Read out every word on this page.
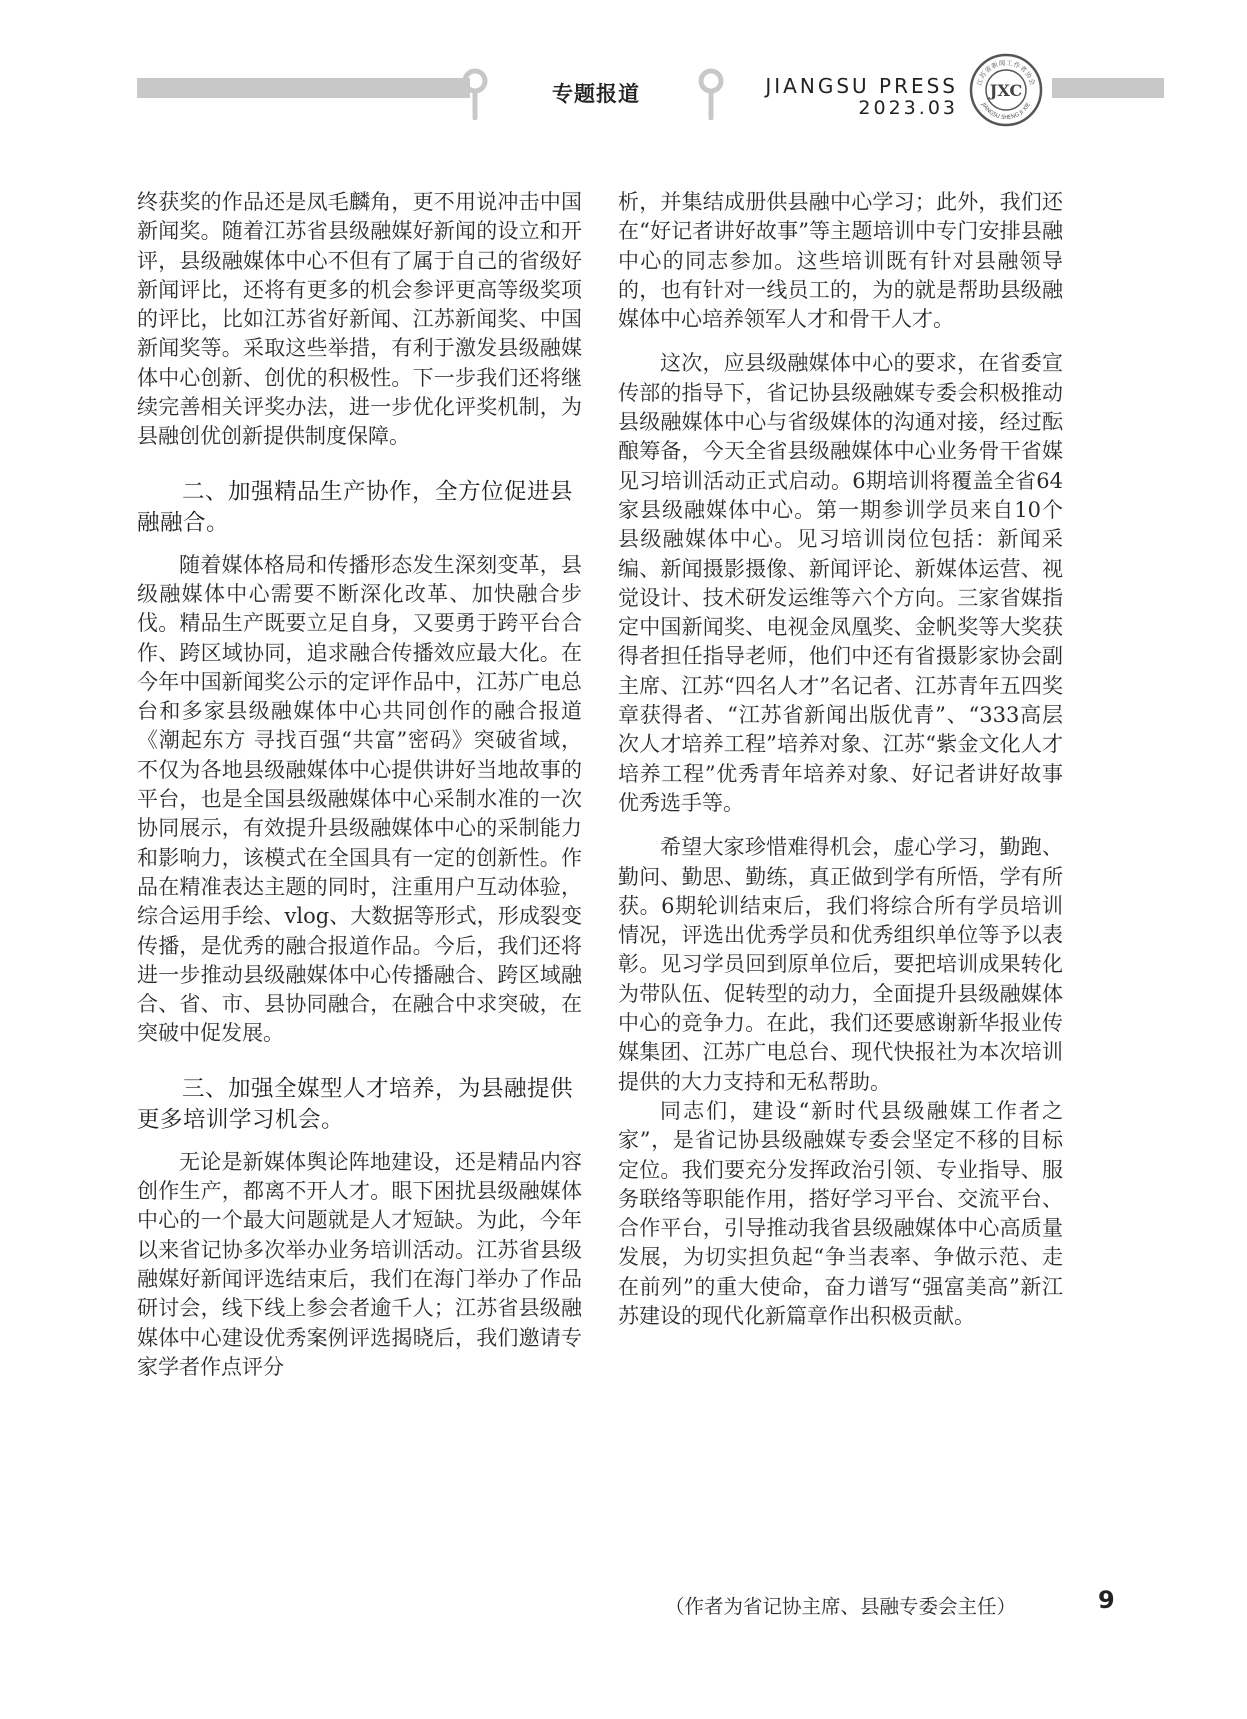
专题报道	JIANGSU PRESS
2023.03
江苏省新闻工作者协会
JIANGSU SHENG JI XIE
JXC

终获奖的作品还是凤毛麟角，更不用说冲击中国新闻奖。随着江苏省县级融媒好新闻的设立和开评，县级融媒体中心不但有了属于自己的省级好新闻评比，还将有更多的机会参评更高等级奖项的评比，比如江苏省好新闻、江苏新闻奖、中国新闻奖等。采取这些举措，有利于激发县级融媒体中心创新、创优的积极性。下一步我们还将继续完善相关评奖办法，进一步优化评奖机制，为县融创优创新提供制度保障。

二、加强精品生产协作，全方位促进县融融合。

随着媒体格局和传播形态发生深刻变革，县级融媒体中心需要不断深化改革、加快融合步伐。精品生产既要立足自身，又要勇于跨平台合作、跨区域协同，追求融合传播效应最大化。在今年中国新闻奖公示的定评作品中，江苏广电总台和多家县级融媒体中心共同创作的融合报道《潮起东方 寻找百强“共富”密码》突破省域，不仅为各地县级融媒体中心提供讲好当地故事的平台，也是全国县级融媒体中心采制水准的一次协同展示，有效提升县级融媒体中心的采制能力和影响力，该模式在全国具有一定的创新性。作品在精准表达主题的同时，注重用户互动体验，综合运用手绘、vlog、大数据等形式，形成裂变传播，是优秀的融合报道作品。今后，我们还将进一步推动县级融媒体中心传播融合、跨区域融合、省、市、县协同融合，在融合中求突破，在突破中促发展。

三、加强全媒型人才培养，为县融提供更多培训学习机会。

无论是新媒体舆论阵地建设，还是精品内容创作生产，都离不开人才。眼下困扰县级融媒体中心的一个最大问题就是人才短缺。为此，今年以来省记协多次举办业务培训活动。江苏省县级融媒好新闻评选结束后，我们在海门举办了作品研讨会，线下线上参会者逾千人；江苏省县级融媒体中心建设优秀案例评选揭晓后，我们邀请专家学者作点评分

析，并集结成册供县融中心学习；此外，我们还在“好记者讲好故事”等主题培训中专门安排县融中心的同志参加。这些培训既有针对县融领导的，也有针对一线员工的，为的就是帮助县级融媒体中心培养领军人才和骨干人才。

这次，应县级融媒体中心的要求，在省委宣传部的指导下，省记协县级融媒专委会积极推动县级融媒体中心与省级媒体的沟通对接，经过酝酿筹备，今天全省县级融媒体中心业务骨干省媒见习培训活动正式启动。6期培训将覆盖全省64家县级融媒体中心。第一期参训学员来自10个县级融媒体中心。见习培训岗位包括：新闻采编、新闻摄影摄像、新闻评论、新媒体运营、视觉设计、技术研发运维等六个方向。三家省媒指定中国新闻奖、电视金凤凰奖、金帆奖等大奖获得者担任指导老师，他们中还有省摄影家协会副主席、江苏“四名人才”名记者、江苏青年五四奖章获得者、“江苏省新闻出版优青”、“333高层次人才培养工程”培养对象、江苏“紫金文化人才培养工程”优秀青年培养对象、好记者讲好故事优秀选手等。

希望大家珍惜难得机会，虚心学习，勤跑、勤问、勤思、勤练，真正做到学有所悟，学有所获。6期轮训结束后，我们将综合所有学员培训情况，评选出优秀学员和优秀组织单位等予以表彰。见习学员回到原单位后，要把培训成果转化为带队伍、促转型的动力，全面提升县级融媒体中心的竞争力。在此，我们还要感谢新华报业传媒集团、江苏广电总台、现代快报社为本次培训提供的大力支持和无私帮助。

同志们，建设“新时代县级融媒工作者之家”，是省记协县级融媒专委会坚定不移的目标定位。我们要充分发挥政治引领、专业指导、服务联络等职能作用，搭好学习平台、交流平台、合作平台，引导推动我省县级融媒体中心高质量发展，为切实担负起“争当表率、争做示范、走在前列”的重大使命，奋力谱写“强富美高”新江苏建设的现代化新篇章作出积极贡献。

（作者为省记协主席、县融专委会主任）	9
